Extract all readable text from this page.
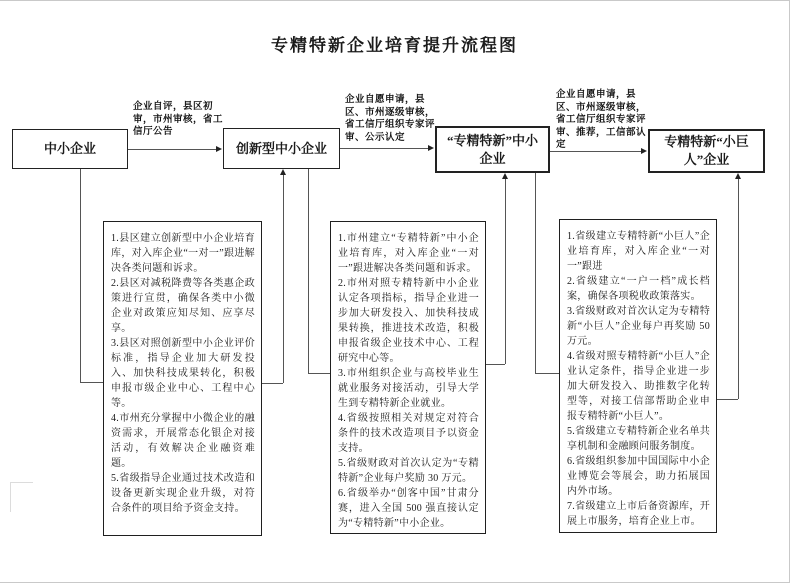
专精特新企业培育提升流程图
中小企业	创新型中小企业
“专精特新”中小企业
专精特新“小巨人”企业
企业自评，县区初审，市州审核，省工信厅公告
企业自愿申请，县区、市州逐级审核，省工信厅组织专家评审、公示认定
企业自愿申请，县区、市州逐级审核，省工信厅组织专家评审、推荐，工信部认定

1.县区建立创新型中小企业培育库，对入库企业“一对一”跟进解决各类问题和诉求。

2.县区对减税降费等各类惠企政策进行宣贯，确保各类中小微企业对政策应知尽知、应享尽享。

3.县区对照创新型中小企业评价标准，指导企业加大研发投入、加快科技成果转化，积极申报市级企业中心、工程中心等。

4.市州充分掌握中小微企业的融资需求，开展常态化银企对接活动，有效解决企业融资难题。

5.省级指导企业通过技术改造和设备更新实现企业升级，对符合条件的项目给予资金支持。

1.市州建立“专精特新”中小企业培育库，对入库企业“一对一”跟进解决各类问题和诉求。

2.市州对照专精特新中小企业认定各项指标，指导企业进一步加大研发投入、加快科技成果转换，推进技术改造，积极申报省级企业技术中心、工程研究中心等。

3.市州组织企业与高校毕业生就业服务对接活动，引导大学生到专精特新企业就业。

4.省级按照相关对规定对符合条件的技术改造项目予以资金支持。

5.省级财政对首次认定为“专精特新”企业每户奖励 30 万元。

6.省级举办“创客中国”甘肃分赛，进入全国 500 强直接认定为“专精特新”中小企业。

1.省级建立专精特新“小巨人”企业培育库，对入库企业“一对一”跟进

2.省级建立“一户一档”成长档案，确保各项税收政策落实。

3.省级财政对首次认定为专精特新“小巨人”企业每户再奖励 50 万元。

4.省级对照专精特新“小巨人”企业认定条件，指导企业进一步加大研发投入、助推数字化转型等，对接工信部帮助企业申报专精特新“小巨人”。

5.省级建立专精特新企业名单共享机制和金融顾问服务制度。

6.省级组织参加中国国际中小企业博览会等展会，助力拓展国内外市场。

7.省级建立上市后备资源库，开展上市服务，培育企业上市。
